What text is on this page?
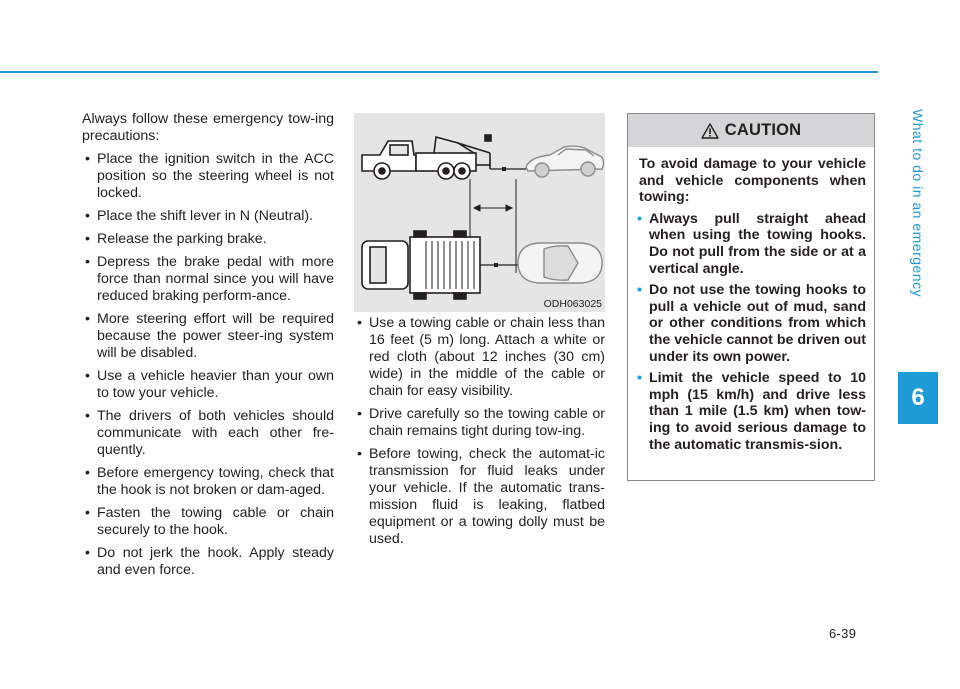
Always follow these emergency tow-ing precautions:

• Place the ignition switch in the ACC position so the steering wheel is not locked.
• Place the shift lever in N (Neutral).
• Release the parking brake.
• Depress the brake pedal with more force than normal since you will have reduced braking perform-ance.
• More steering effort will be required because the power steer-ing system will be disabled.
• Use a vehicle heavier than your own to tow your vehicle.
• The drivers of both vehicles should communicate with each other fre-quently.
• Before emergency towing, check that the hook is not broken or dam-aged.
• Fasten the towing cable or chain securely to the hook.
• Do not jerk the hook. Apply steady and even force.
ODH063025
• Use a towing cable or chain less than 16 feet (5 m) long. Attach a white or red cloth (about 12 inches (30 cm) wide) in the middle of the cable or chain for easy visibility.
• Drive carefully so the towing cable or chain remains tight during tow-ing.
• Before towing, check the automat-ic transmission for fluid leaks under your vehicle. If the automatic trans-mission fluid is leaking, flatbed equipment or a towing dolly must be used.
CAUTION

To avoid damage to your vehicle and vehicle components when towing:

• Always pull straight ahead when using the towing hooks. Do not pull from the side or at a vertical angle.
• Do not use the towing hooks to pull a vehicle out of mud, sand or other conditions from which the vehicle cannot be driven out under its own power.
• Limit the vehicle speed to 10 mph (15 km/h) and drive less than 1 mile (1.5 km) when tow-ing to avoid serious damage to the automatic transmis-sion.
What to do in an emergency
6
6-39
